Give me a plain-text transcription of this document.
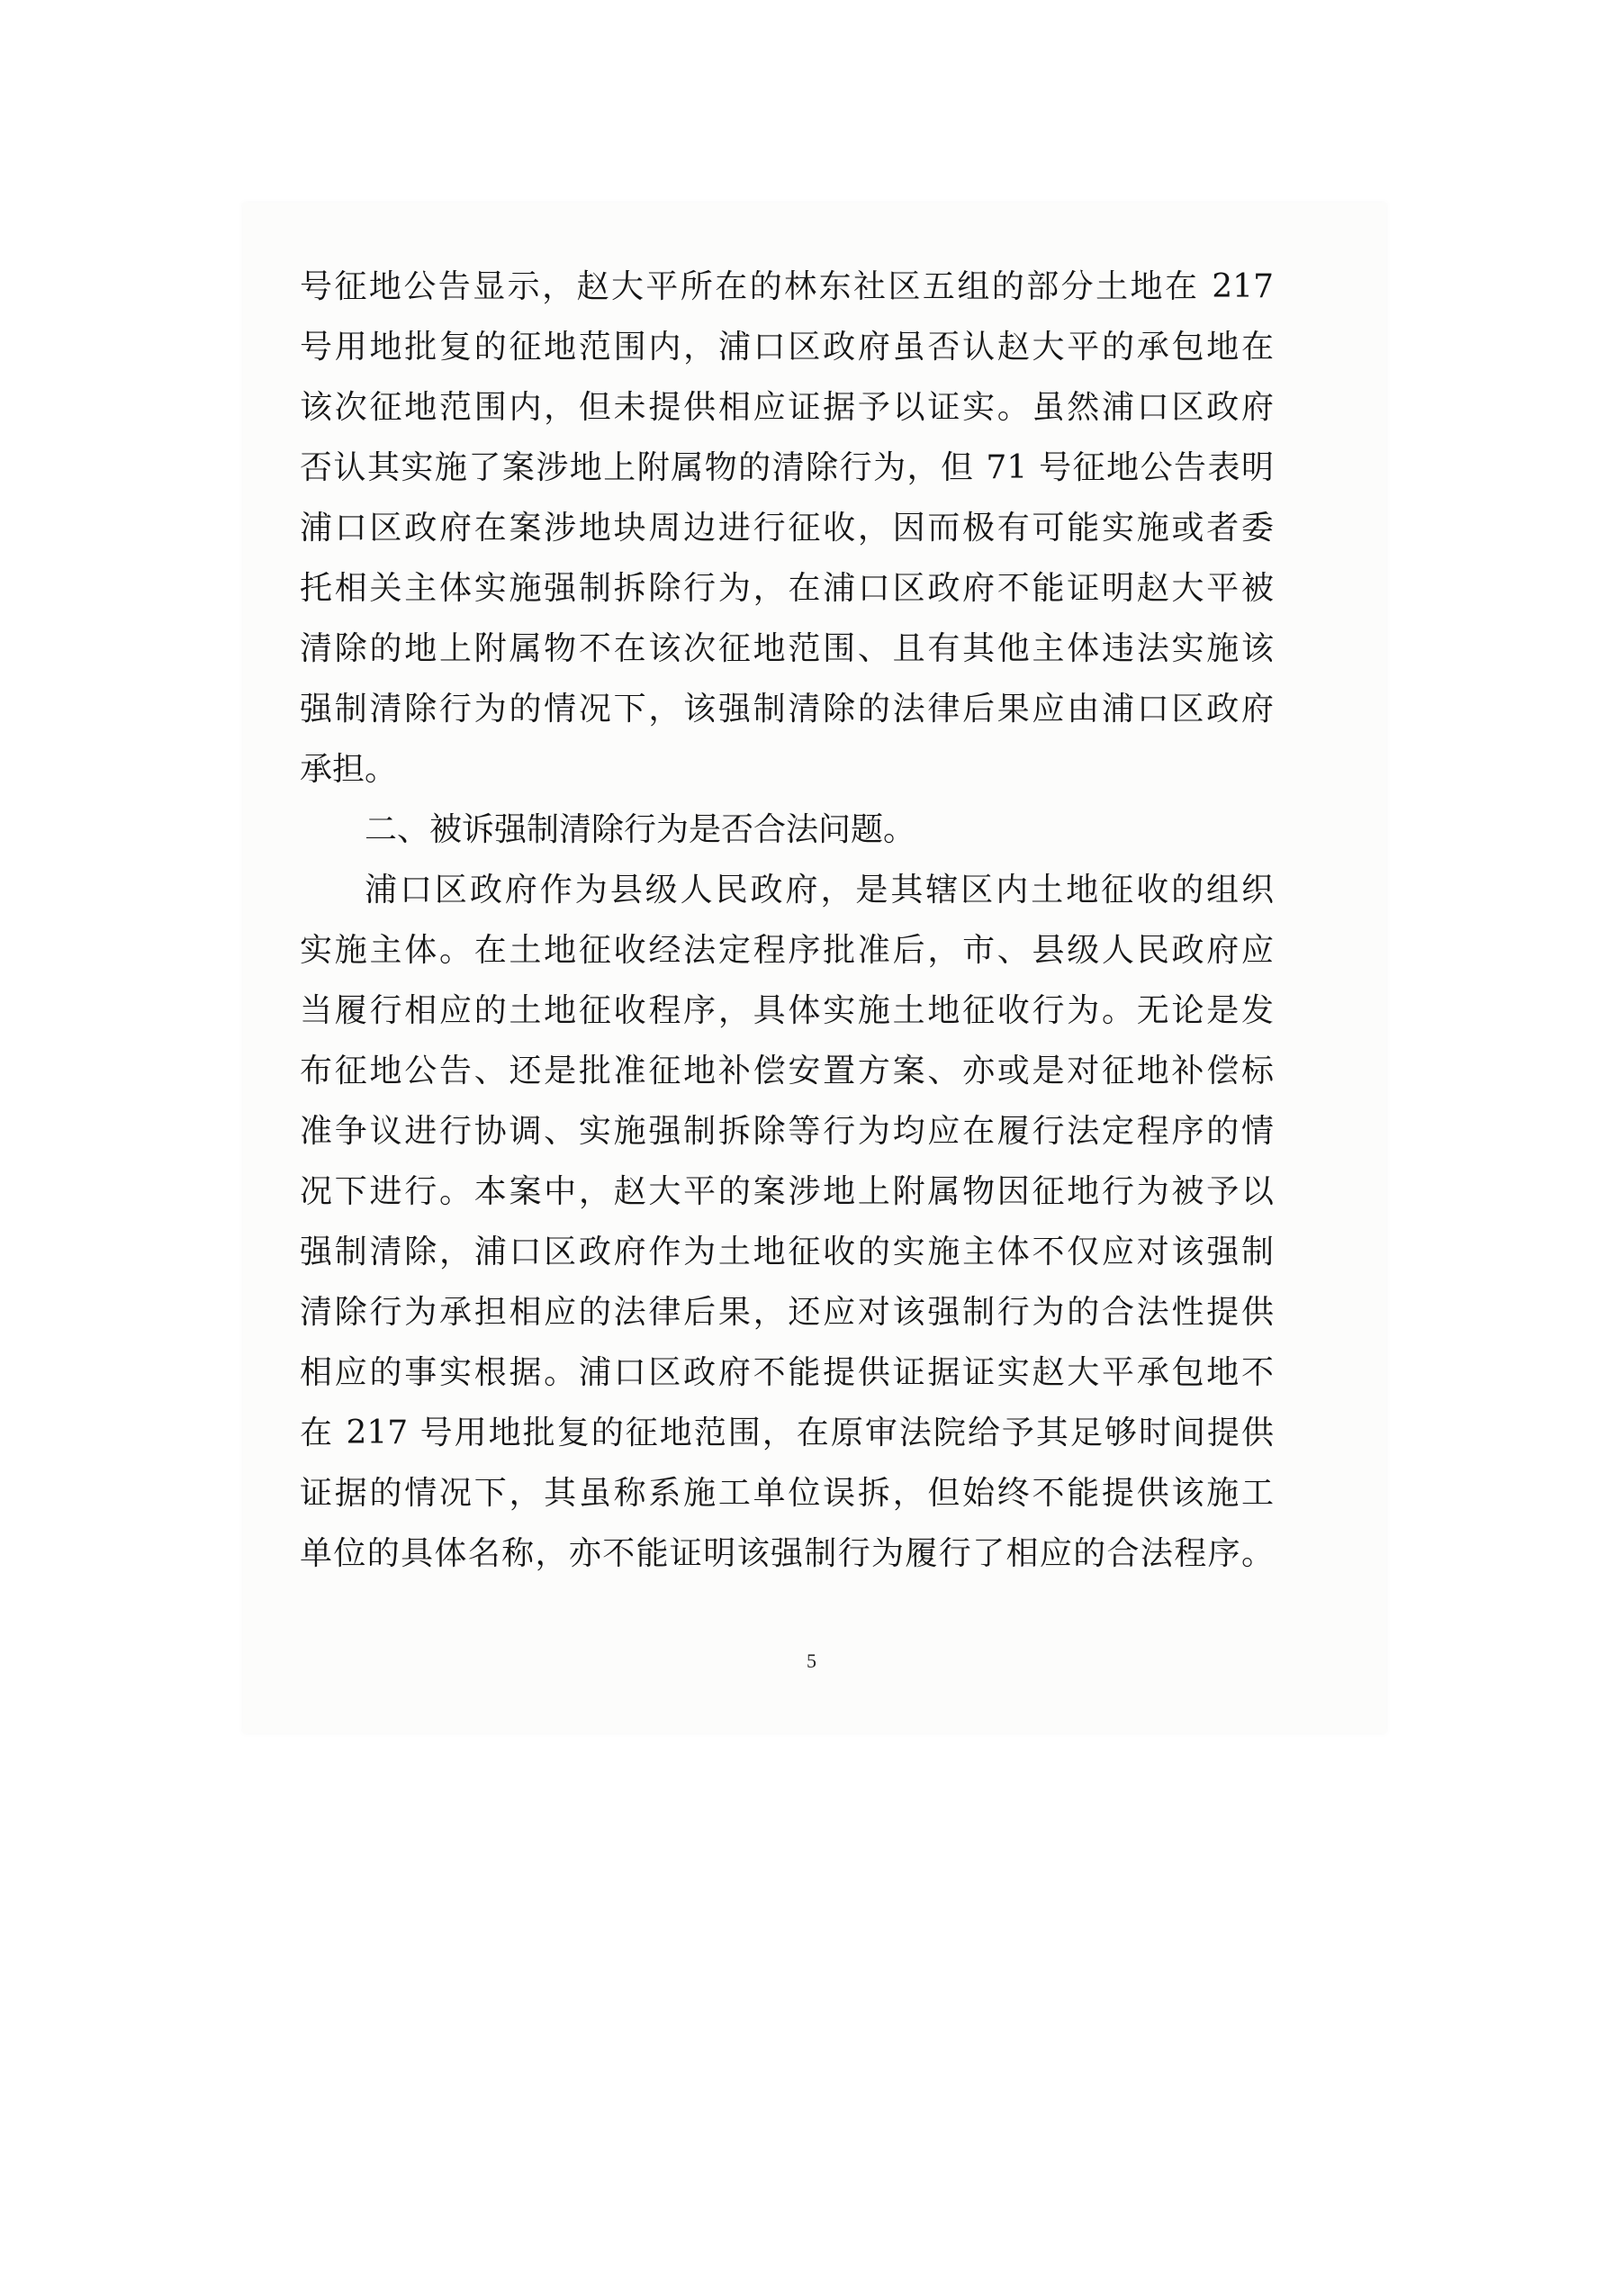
号征地公告显示，赵大平所在的林东社区五组的部分土地在 217
号用地批复的征地范围内，浦口区政府虽否认赵大平的承包地在
该次征地范围内，但未提供相应证据予以证实。虽然浦口区政府
否认其实施了案涉地上附属物的清除行为，但 71 号征地公告表明
浦口区政府在案涉地块周边进行征收，因而极有可能实施或者委
托相关主体实施强制拆除行为，在浦口区政府不能证明赵大平被
清除的地上附属物不在该次征地范围、且有其他主体违法实施该
强制清除行为的情况下，该强制清除的法律后果应由浦口区政府
承担。
二、被诉强制清除行为是否合法问题。
浦口区政府作为县级人民政府，是其辖区内土地征收的组织
实施主体。在土地征收经法定程序批准后，市、县级人民政府应
当履行相应的土地征收程序，具体实施土地征收行为。无论是发
布征地公告、还是批准征地补偿安置方案、亦或是对征地补偿标
准争议进行协调、实施强制拆除等行为均应在履行法定程序的情
况下进行。本案中，赵大平的案涉地上附属物因征地行为被予以
强制清除，浦口区政府作为土地征收的实施主体不仅应对该强制
清除行为承担相应的法律后果，还应对该强制行为的合法性提供
相应的事实根据。浦口区政府不能提供证据证实赵大平承包地不
在 217 号用地批复的征地范围，在原审法院给予其足够时间提供
证据的情况下，其虽称系施工单位误拆，但始终不能提供该施工
单位的具体名称，亦不能证明该强制行为履行了相应的合法程序。
5
